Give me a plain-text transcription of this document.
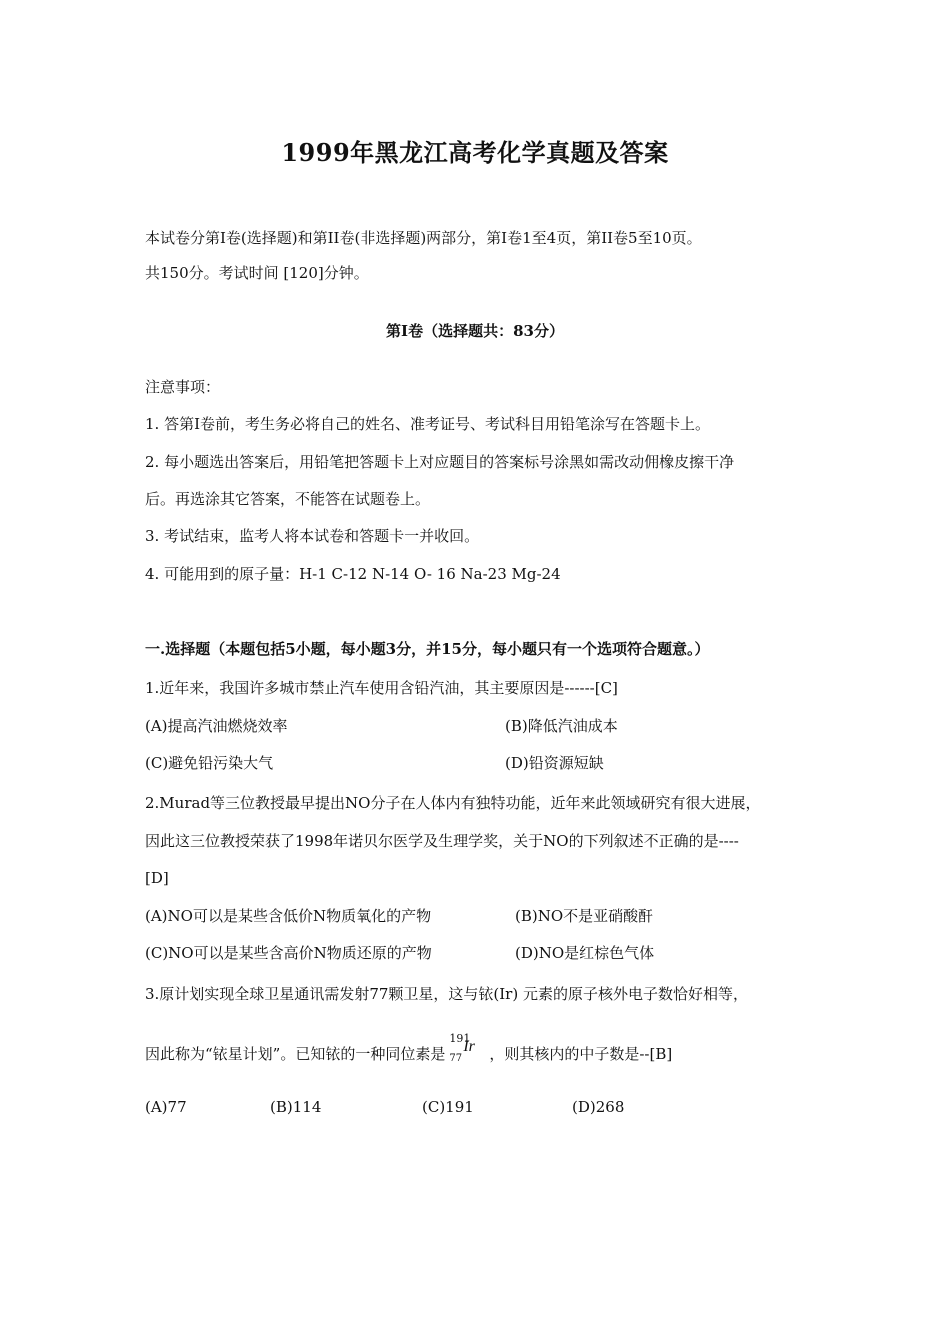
1999年黑龙江高考化学真题及答案
本试卷分第Ⅰ卷(选择题)和第II卷(非选择题)两部分，第Ⅰ卷1至4页，第II卷5至10页。
共150分。考试时间 [120]分钟。
第Ⅰ卷（选择题共：83分）
注意事项：
1. 答第Ⅰ卷前，考生务必将自己的姓名、准考证号、考试科目用铅笔涂写在答题卡上。
2. 每小题选出答案后，用铅笔把答题卡上对应题目的答案标号涂黑如需改动佣橡皮擦干净
后。再选涂其它答案，不能答在试题卷上。
3. 考试结束，监考人将本试卷和答题卡一并收回。
4. 可能用到的原子量：H-1 C-12 N-14 O- 16 Na-23 Mg-24
一.选择题（本题包括5小题，每小题3分，并15分，每小题只有一个选项符合题意。）
1.近年来，我国许多城市禁止汽车使用含铅汽油，其主要原因是------[C]
(A)提高汽油燃烧效率	(B)降低汽油成本
(C)避免铅污染大气	(D)铅资源短缺
2.Murad等三位教授最早提出NO分子在人体内有独特功能，近年来此领域研究有很大进展，
因此这三位教授荣获了1998年诺贝尔医学及生理学奖，关于NO的下列叙述不正确的是----
[D]
(A)NO可以是某些含低价N物质氧化的产物	(B)NO不是亚硝酸酐
(C)NO可以是某些含高价N物质还原的产物	(D)NO是红棕色气体
3.原计划实现全球卫星通讯需发射77颗卫星，这与铱(Ir) 元素的原子核外电子数恰好相等，
因此称为“铱星计划”。已知铱的一种同位素是
191
77
Ir ，则其核内的中子数是--[B]
(A)77	(B)114	(C)191	(D)268
